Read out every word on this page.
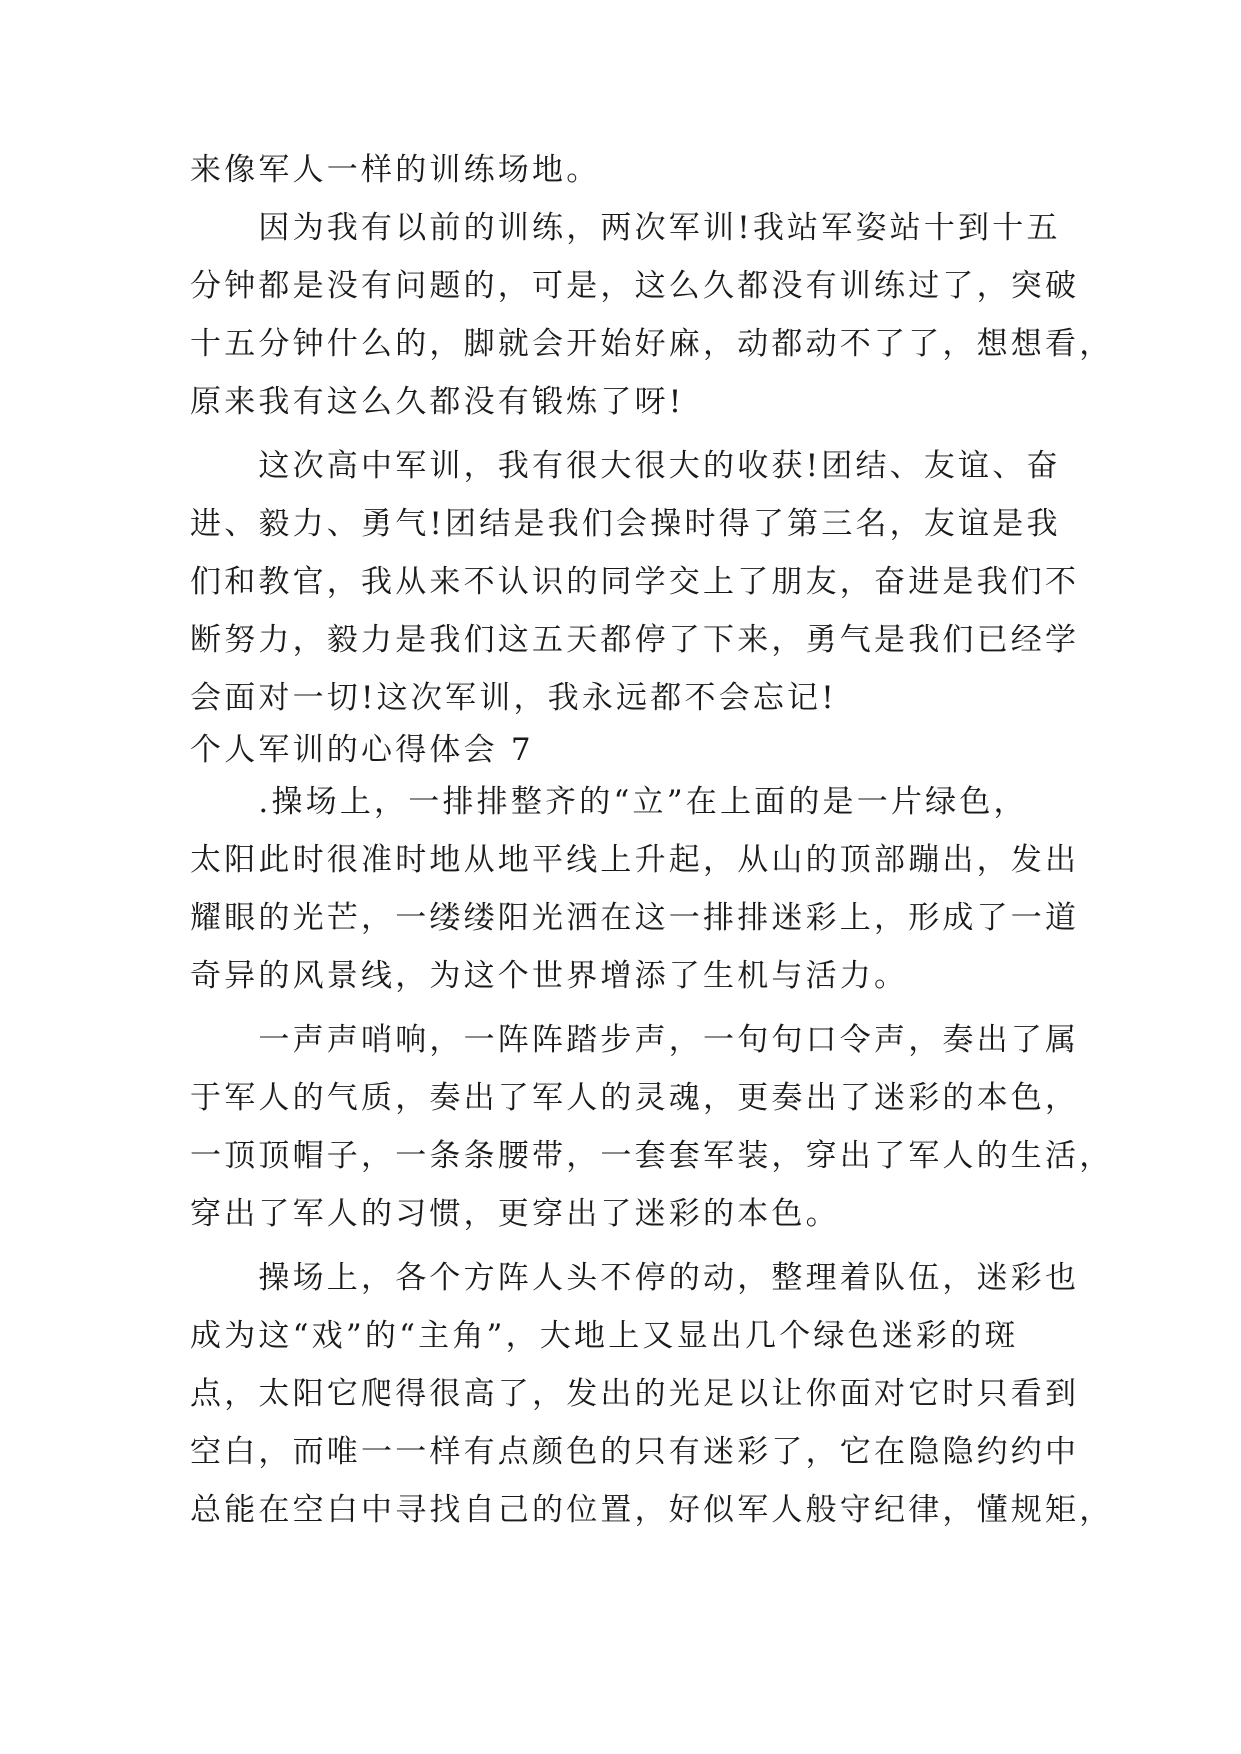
来像军人一样的训练场地。
　　因为我有以前的训练，两次军训!我站军姿站十到十五
分钟都是没有问题的，可是，这么久都没有训练过了，突破
十五分钟什么的，脚就会开始好麻，动都动不了了，想想看，
原来我有这么久都没有锻炼了呀!
　　这次高中军训，我有很大很大的收获!团结、友谊、奋
进、毅力、勇气!团结是我们会操时得了第三名，友谊是我
们和教官，我从来不认识的同学交上了朋友，奋进是我们不
断努力，毅力是我们这五天都停了下来，勇气是我们已经学
会面对一切!这次军训，我永远都不会忘记!
个人军训的心得体会 7
　　.操场上，一排排整齐的“立”在上面的是一片绿色，
太阳此时很准时地从地平线上升起，从山的顶部蹦出，发出
耀眼的光芒，一缕缕阳光洒在这一排排迷彩上，形成了一道
奇异的风景线，为这个世界增添了生机与活力。
　　一声声哨响，一阵阵踏步声，一句句口令声，奏出了属
于军人的气质，奏出了军人的灵魂，更奏出了迷彩的本色，
一顶顶帽子，一条条腰带，一套套军装，穿出了军人的生活，
穿出了军人的习惯，更穿出了迷彩的本色。
　　操场上，各个方阵人头不停的动，整理着队伍，迷彩也
成为这“戏”的“主角”，大地上又显出几个绿色迷彩的斑
点，太阳它爬得很高了，发出的光足以让你面对它时只看到
空白，而唯一一样有点颜色的只有迷彩了，它在隐隐约约中
总能在空白中寻找自己的位置，好似军人般守纪律，懂规矩，
